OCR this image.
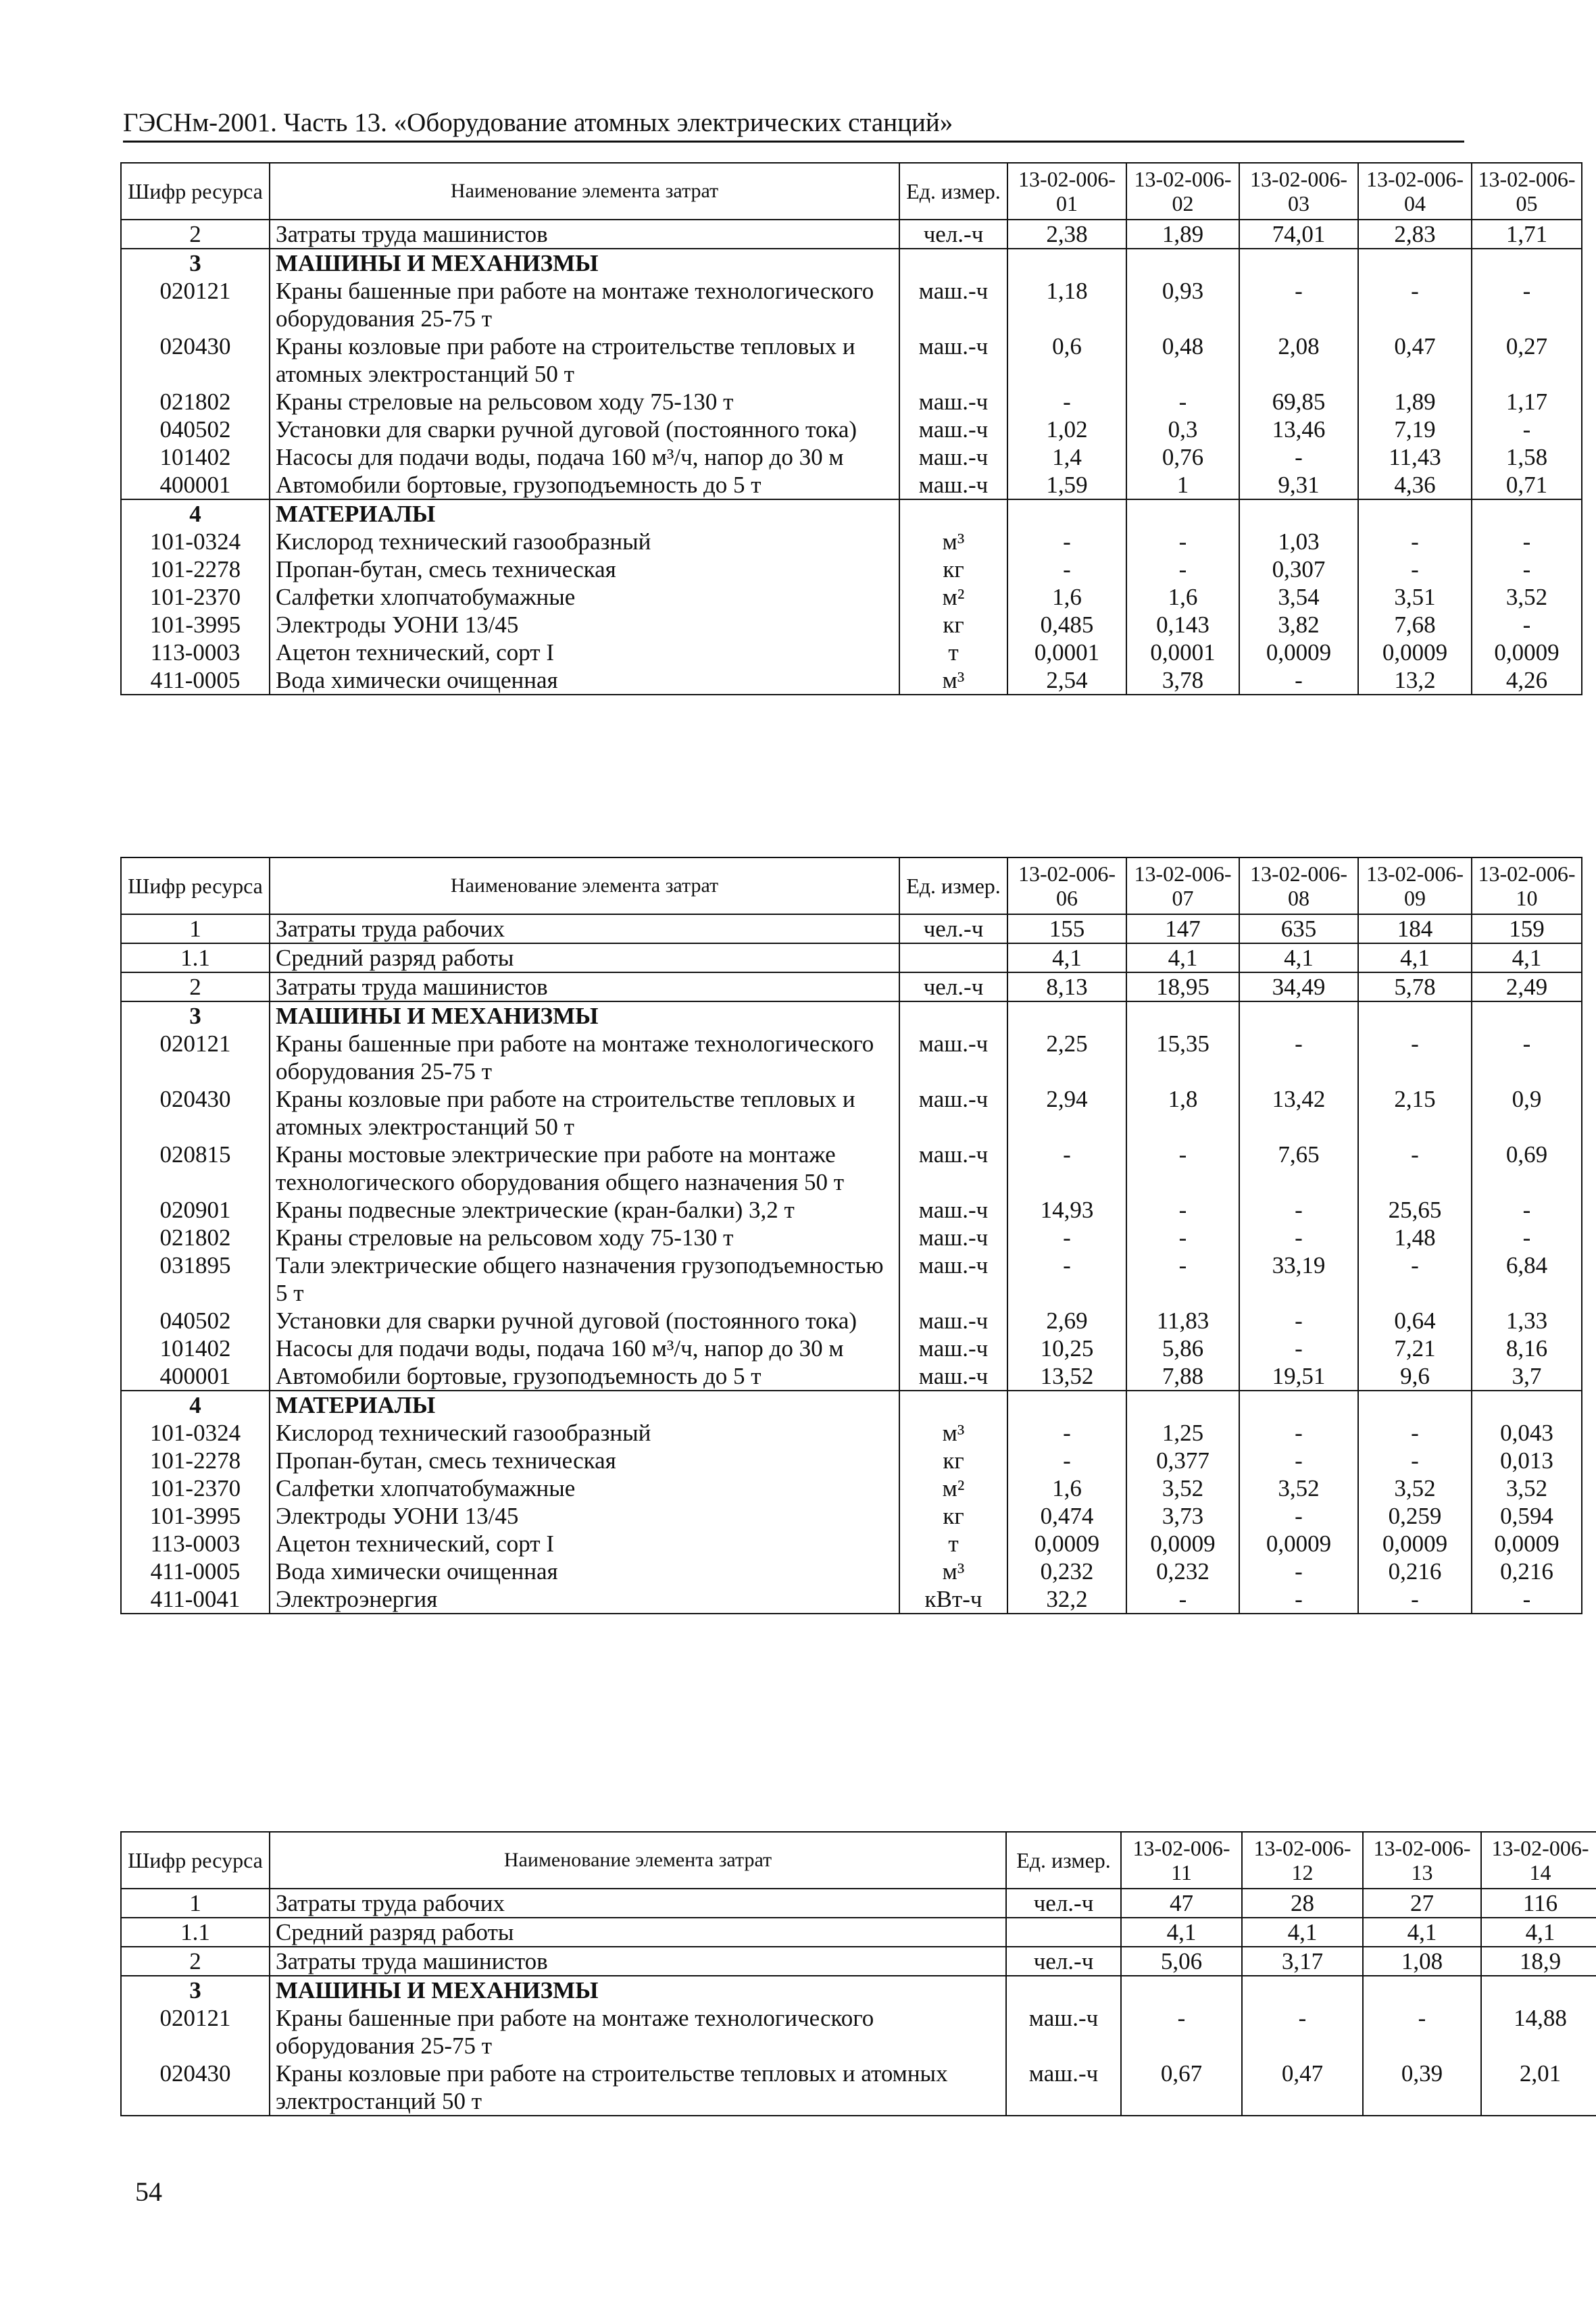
ГЭСНм-2001. Часть 13. «Оборудование атомных электрических станций»
Шифр ресурса	Наименование элемента затрат	Ед. измер.	13-02-006-01	13-02-006-02	13-02-006-03	13-02-006-04	13-02-006-05
2	Затраты труда машинистов	чел.-ч	2,38	1,89	74,01	2,83	1,71
3	МАШИНЫ И МЕХАНИЗМЫ						
020121	Краны башенные при работе на монтаже технологического оборудования 25-75 т	маш.-ч	1,18	0,93	-	-	-
020430	Краны козловые при работе на строительстве тепловых и атомных электростанций 50 т	маш.-ч	0,6	0,48	2,08	0,47	0,27
021802	Краны стреловые на рельсовом ходу 75-130 т	маш.-ч	-	-	69,85	1,89	1,17
040502	Установки для сварки ручной дуговой (постоянного тока)	маш.-ч	1,02	0,3	13,46	7,19	-
101402	Насосы для подачи воды, подача 160 м³/ч, напор до 30 м	маш.-ч	1,4	0,76	-	11,43	1,58
400001	Автомобили бортовые, грузоподъемность до 5 т	маш.-ч	1,59	1	9,31	4,36	0,71
4	МАТЕРИАЛЫ						
101-0324	Кислород технический газообразный	м³	-	-	1,03	-	-
101-2278	Пропан-бутан, смесь техническая	кг	-	-	0,307	-	-
101-2370	Салфетки хлопчатобумажные	м²	1,6	1,6	3,54	3,51	3,52
101-3995	Электроды УОНИ 13/45	кг	0,485	0,143	3,82	7,68	-
113-0003	Ацетон технический, сорт I	т	0,0001	0,0001	0,0009	0,0009	0,0009
411-0005	Вода химически очищенная	м³	2,54	3,78	-	13,2	4,26
Шифр ресурса	Наименование элемента затрат	Ед. измер.	13-02-006-06	13-02-006-07	13-02-006-08	13-02-006-09	13-02-006-10
1	Затраты труда рабочих	чел.-ч	155	147	635	184	159
1.1	Средний разряд работы		4,1	4,1	4,1	4,1	4,1
2	Затраты труда машинистов	чел.-ч	8,13	18,95	34,49	5,78	2,49
3	МАШИНЫ И МЕХАНИЗМЫ						
020121	Краны башенные при работе на монтаже технологического оборудования 25-75 т	маш.-ч	2,25	15,35	-	-	-
020430	Краны козловые при работе на строительстве тепловых и атомных электростанций 50 т	маш.-ч	2,94	1,8	13,42	2,15	0,9
020815	Краны мостовые электрические при работе на монтаже технологического оборудования общего назначения 50 т	маш.-ч	-	-	7,65	-	0,69
020901	Краны подвесные электрические (кран-балки) 3,2 т	маш.-ч	14,93	-	-	25,65	-
021802	Краны стреловые на рельсовом ходу 75-130 т	маш.-ч	-	-	-	1,48	-
031895	Тали электрические общего назначения грузоподъемностью 5 т	маш.-ч	-	-	33,19	-	6,84
040502	Установки для сварки ручной дуговой (постоянного тока)	маш.-ч	2,69	11,83	-	0,64	1,33
101402	Насосы для подачи воды, подача 160 м³/ч, напор до 30 м	маш.-ч	10,25	5,86	-	7,21	8,16
400001	Автомобили бортовые, грузоподъемность до 5 т	маш.-ч	13,52	7,88	19,51	9,6	3,7
4	МАТЕРИАЛЫ						
101-0324	Кислород технический газообразный	м³	-	1,25	-	-	0,043
101-2278	Пропан-бутан, смесь техническая	кг	-	0,377	-	-	0,013
101-2370	Салфетки хлопчатобумажные	м²	1,6	3,52	3,52	3,52	3,52
101-3995	Электроды УОНИ 13/45	кг	0,474	3,73	-	0,259	0,594
113-0003	Ацетон технический, сорт I	т	0,0009	0,0009	0,0009	0,0009	0,0009
411-0005	Вода химически очищенная	м³	0,232	0,232	-	0,216	0,216
411-0041	Электроэнергия	кВт-ч	32,2	-	-	-	-
Шифр ресурса	Наименование элемента затрат	Ед. измер.	13-02-006-11	13-02-006-12	13-02-006-13	13-02-006-14
1	Затраты труда рабочих	чел.-ч	47	28	27	116
1.1	Средний разряд работы		4,1	4,1	4,1	4,1
2	Затраты труда машинистов	чел.-ч	5,06	3,17	1,08	18,9
3	МАШИНЫ И МЕХАНИЗМЫ					
020121	Краны башенные при работе на монтаже технологического оборудования 25-75 т	маш.-ч	-	-	-	14,88
020430	Краны козловые при работе на строительстве тепловых и атомных электростанций 50 т	маш.-ч	0,67	0,47	0,39	2,01
54
